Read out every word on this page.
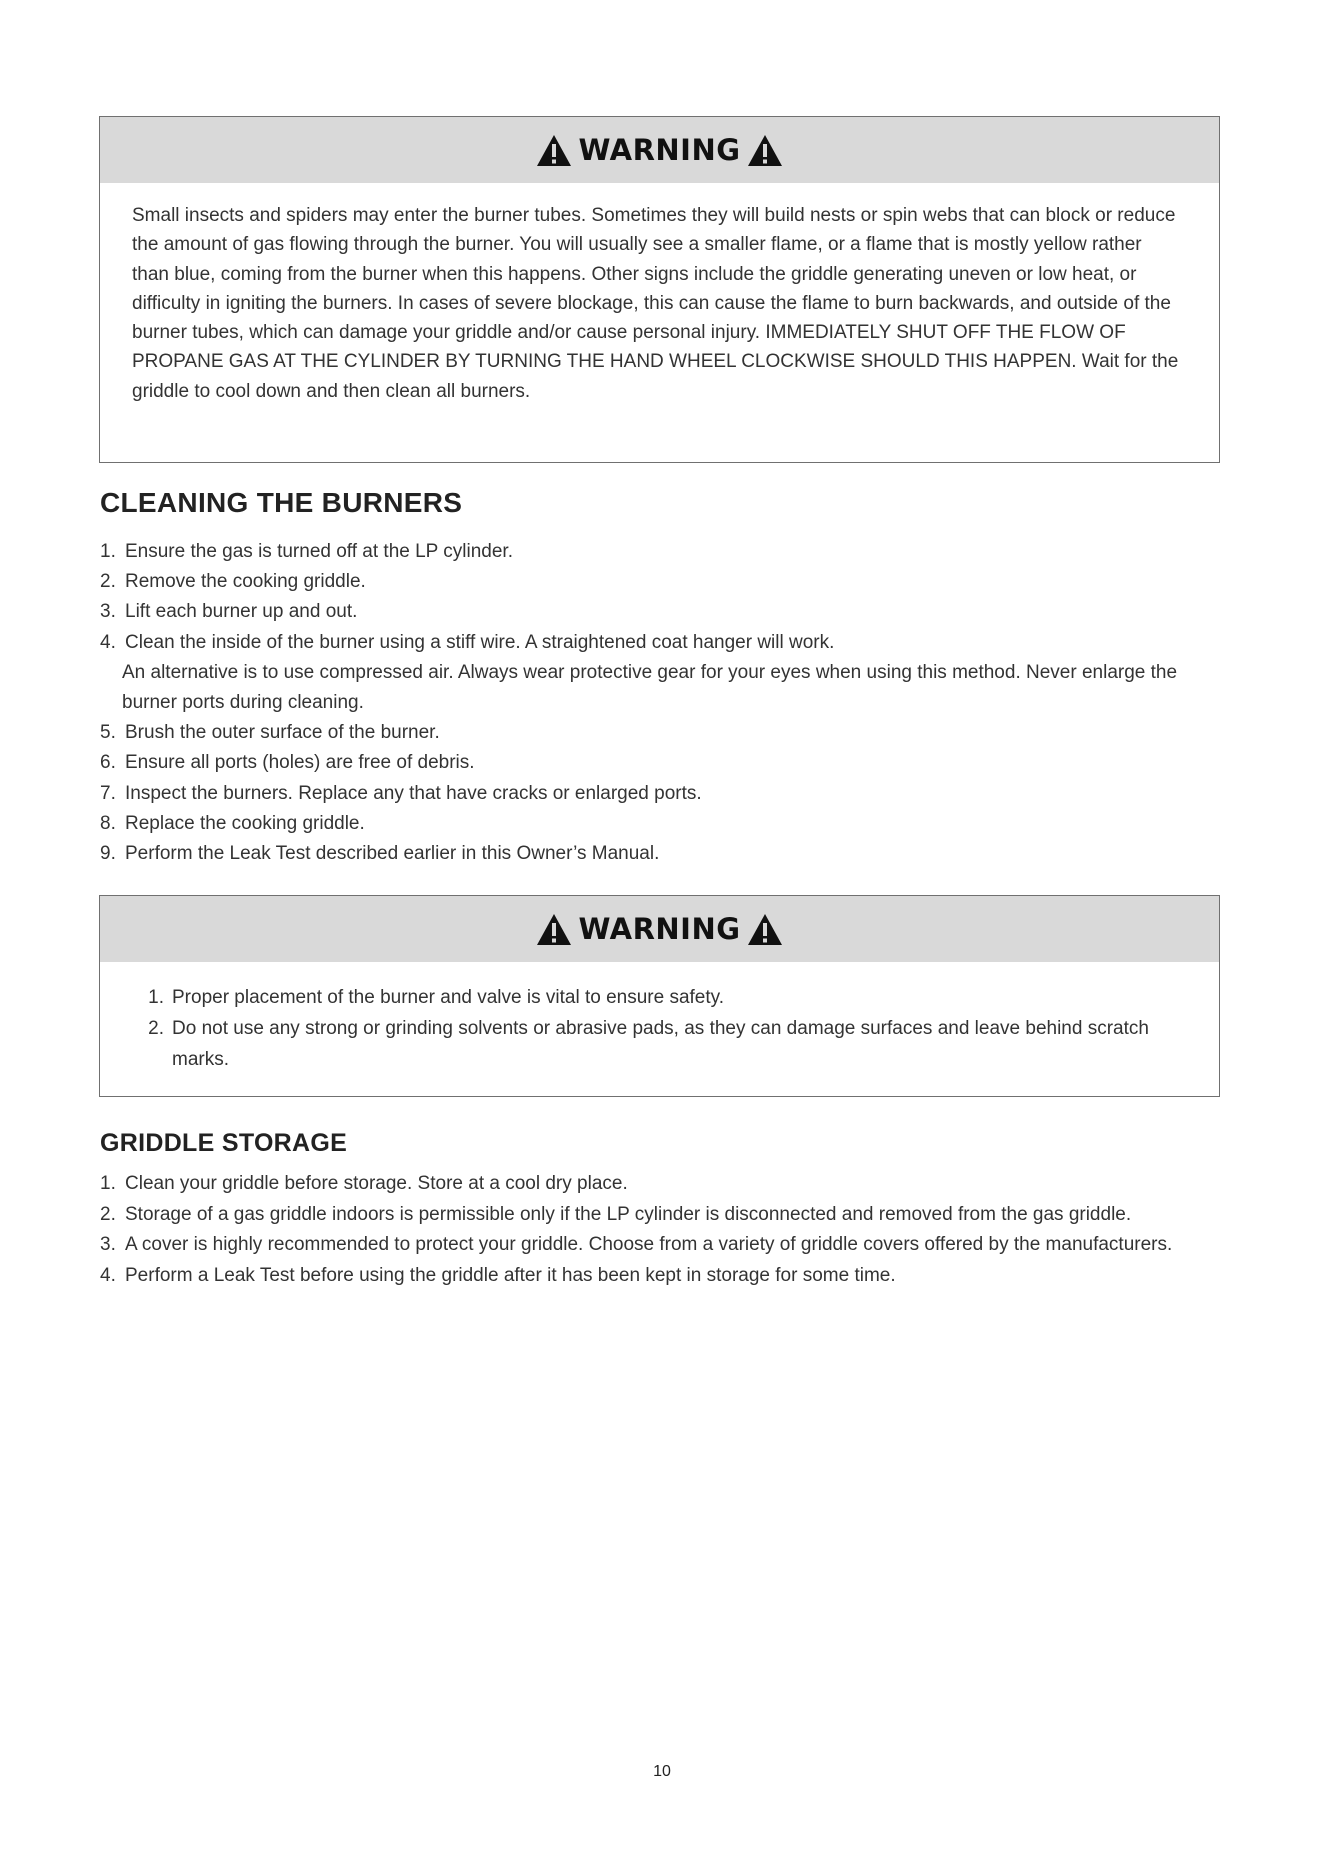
WARNING
Small insects and spiders may enter the burner tubes. Sometimes they will build nests or spin webs that can block or reduce the amount of gas flowing through the burner. You will usually see a smaller flame, or a flame that is mostly yellow rather than blue, coming from the burner when this happens. Other signs include the griddle generating uneven or low heat, or difficulty in igniting the burners. In cases of severe blockage, this can cause the flame to burn backwards, and outside of the burner tubes, which can damage your griddle and/or cause personal injury. IMMEDIATELY SHUT OFF THE FLOW OF PROPANE GAS AT THE CYLINDER BY TURNING THE HAND WHEEL CLOCKWISE SHOULD THIS HAPPEN. Wait for the griddle to cool down and then clean all burners.
CLEANING THE BURNERS
1. Ensure the gas is turned off at the LP cylinder.
2. Remove the cooking griddle.
3. Lift each burner up and out.
4. Clean the inside of the burner using a stiff wire. A straightened coat hanger will work.
An alternative is to use compressed air. Always wear protective gear for your eyes when using this method. Never enlarge the burner ports during cleaning.
5. Brush the outer surface of the burner.
6. Ensure all ports (holes) are free of debris.
7. Inspect the burners. Replace any that have cracks or enlarged ports.
8. Replace the cooking griddle.
9. Perform the Leak Test described earlier in this Owner’s Manual.
WARNING
1. Proper placement of the burner and valve is vital to ensure safety.
2. Do not use any strong or grinding solvents or abrasive pads, as they can damage surfaces and leave behind scratch marks.
GRIDDLE STORAGE
1. Clean your griddle before storage. Store at a cool dry place.
2. Storage of a gas griddle indoors is permissible only if the LP cylinder is disconnected and removed from the gas griddle.
3. A cover is highly recommended to protect your griddle. Choose from a variety of griddle covers offered by the manufacturers.
4. Perform a Leak Test before using the griddle after it has been kept in storage for some time.
10
